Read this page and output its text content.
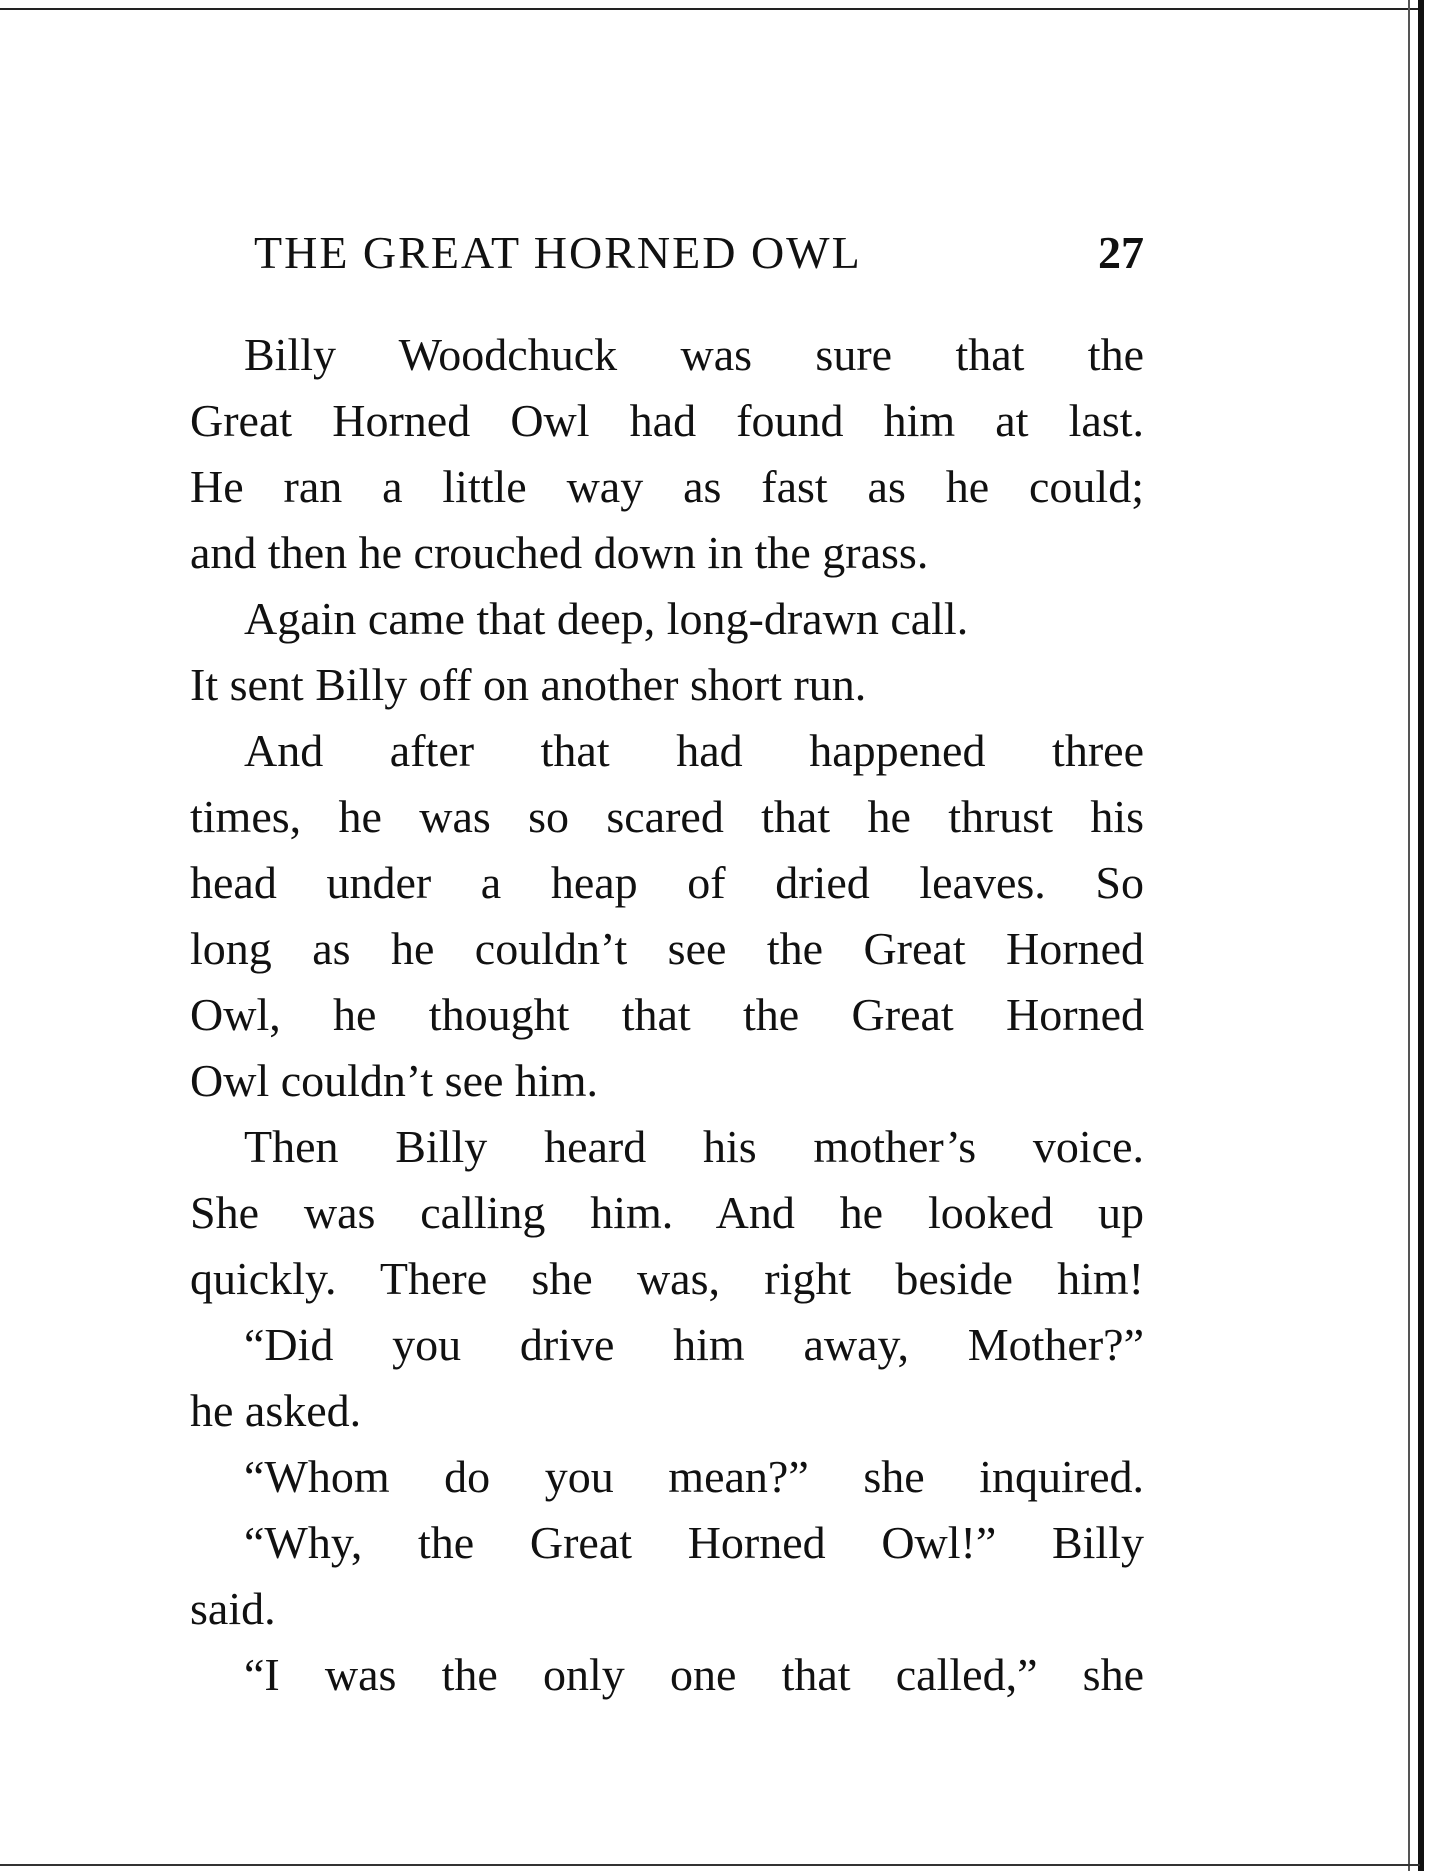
THE GREAT HORNED OWL	27
Billy Woodchuck was sure that the
Great Horned Owl had found him at last.
He ran a little way as fast as he could;
and then he crouched down in the grass.
Again came that deep, long-drawn call.
It sent Billy off on another short run.
And after that had happened three
times, he was so scared that he thrust his
head under a heap of dried leaves. So
long as he couldn’t see the Great Horned
Owl, he thought that the Great Horned
Owl couldn’t see him.
Then Billy heard his mother’s voice.
She was calling him. And he looked up
quickly. There she was, right beside him!
“Did you drive him away, Mother?”
he asked.
“Whom do you mean?” she inquired.
“Why, the Great Horned Owl!” Billy
said.
“I was the only one that called,” she
